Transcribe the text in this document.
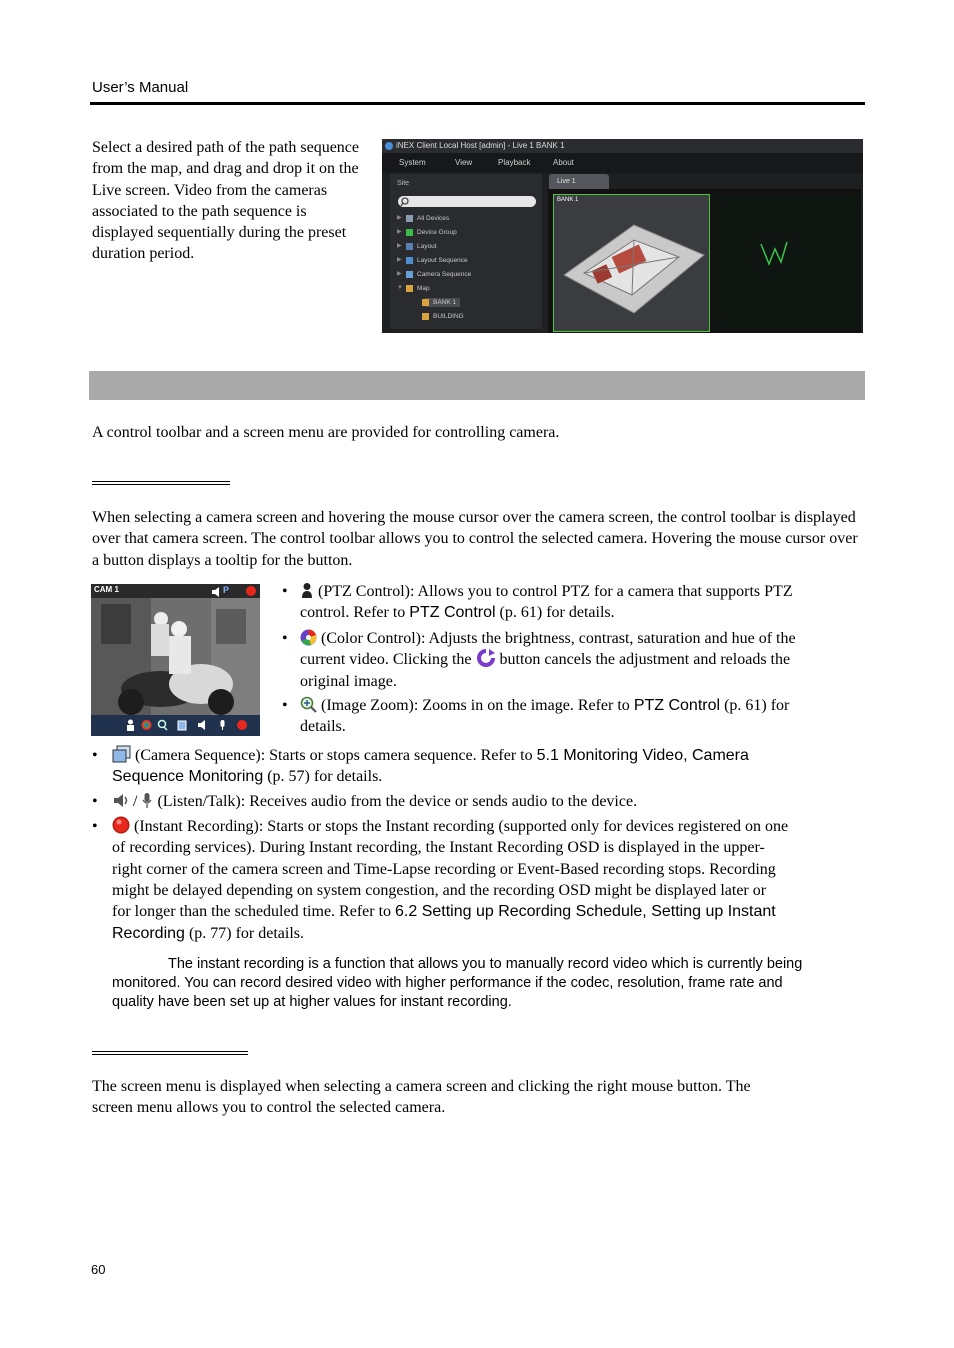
User’s Manual
Select a desired path of the path sequence from the map, and drag and drop it on the Live screen. Video from the cameras associated to the path sequence is displayed sequentially during the preset duration period.
iNEX Client Local Host [admin] - Live 1 BANK 1
System	View	Playback	About
Site
▶ All Devices
▶ Device Group
▶ Layout
▶ Layout Sequence
▶ Camera Sequence
▼ Map
BANK 1
BUILDING
Live 1
BANK 1
A control toolbar and a screen menu are provided for controlling camera.
When selecting a camera screen and hovering the mouse cursor over the camera screen, the control toolbar is displayed over that camera screen. The control toolbar allows you to control the selected camera. Hovering the mouse cursor over a button displays a tooltip for the button.
CAM 1	P	•	(PTZ Control): Allows you to control PTZ for a camera that supports PTZ
control. Refer to PTZ Control (p. 61) for details.
•	(Color Control): Adjusts the brightness, contrast, saturation and hue of the
current video. Clicking the button cancels the adjustment and reloads the
original image.
•	(Image Zoom): Zooms in on the image. Refer to PTZ Control (p. 61) for
details.
•	(Camera Sequence): Starts or stops camera sequence. Refer to 5.1 Monitoring Video, Camera
Sequence Monitoring (p. 57) for details.
•	/ (Listen/Talk): Receives audio from the device or sends audio to the device.
•	(Instant Recording): Starts or stops the Instant recording (supported only for devices registered on one
of recording services). During Instant recording, the Instant Recording OSD is displayed in the upper-
right corner of the camera screen and Time-Lapse recording or Event-Based recording stops. Recording
might be delayed depending on system congestion, and the recording OSD might be displayed later or
for longer than the scheduled time. Refer to 6.2 Setting up Recording Schedule, Setting up Instant
Recording (p. 77) for details.
The instant recording is a function that allows you to manually record video which is currently being
monitored. You can record desired video with higher performance if the codec, resolution, frame rate and
quality have been set up at higher values for instant recording.
The screen menu is displayed when selecting a camera screen and clicking the right mouse button. The
screen menu allows you to control the selected camera.
60
